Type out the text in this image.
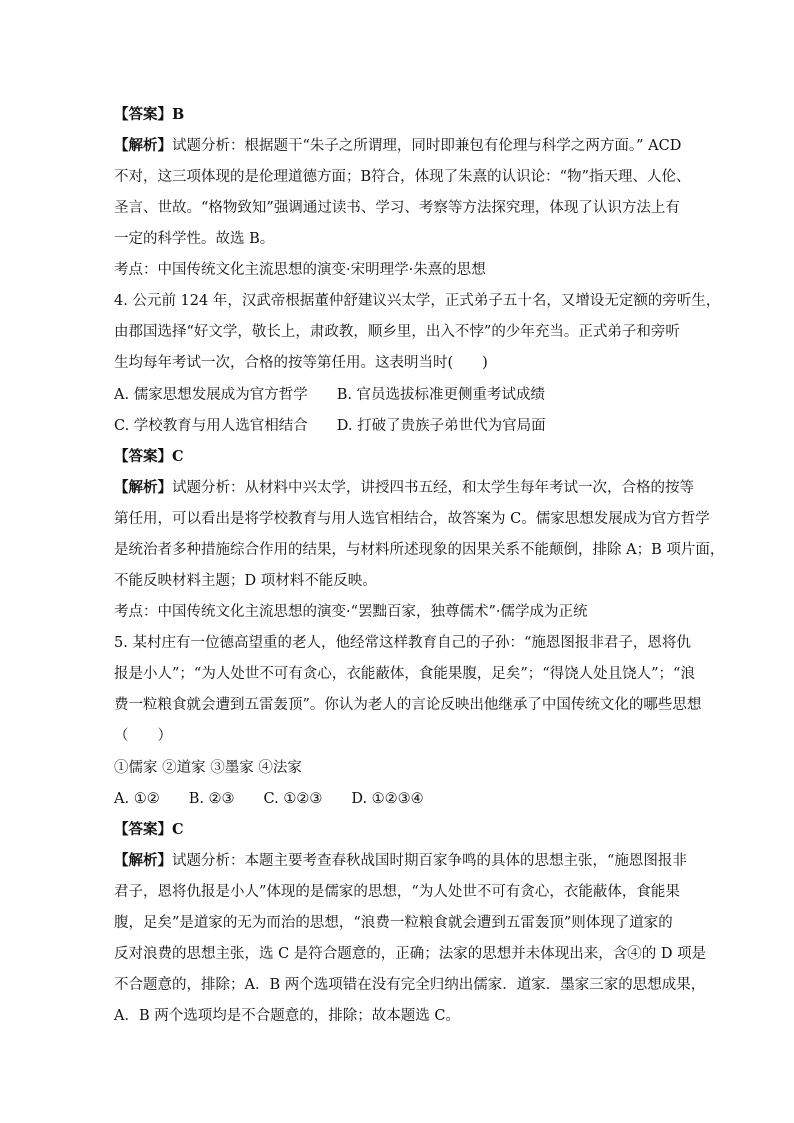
【答案】B
【解析】试题分析：根据题干“朱子之所谓理，同时即兼包有伦理与科学之两方面。” ACD
不对，这三项体现的是伦理道德方面；B符合，体现了朱熹的认识论：“物”指天理、人伦、
圣言、世故。“格物致知”强调通过读书、学习、考察等方法探究理，体现了认识方法上有
一定的科学性。故选 B。
考点：中国传统文化主流思想的演变·宋明理学·朱熹的思想
4. 公元前 124 年，汉武帝根据董仲舒建议兴太学，正式弟子五十名，又增设无定额的旁听生，
由郡国选择“好文学，敬长上，肃政教，顺乡里，出入不悖”的少年充当。正式弟子和旁听
生均每年考试一次，合格的按等第任用。这表明当时(　　)
A. 儒家思想发展成为官方哲学　　B. 官员选拔标准更侧重考试成绩
C. 学校教育与用人选官相结合　　D. 打破了贵族子弟世代为官局面
【答案】C
【解析】试题分析：从材料中兴太学，讲授四书五经，和太学生每年考试一次，合格的按等
第任用，可以看出是将学校教育与用人选官相结合，故答案为 C。儒家思想发展成为官方哲学
是统治者多种措施综合作用的结果，与材料所述现象的因果关系不能颠倒，排除 A；B 项片面，
不能反映材料主题；D 项材料不能反映。
考点：中国传统文化主流思想的演变·“罢黜百家，独尊儒术”·儒学成为正统
5. 某村庄有一位德高望重的老人，他经常这样教育自己的子孙：“施恩图报非君子，恩将仇
报是小人”；“为人处世不可有贪心，衣能蔽体，食能果腹，足矣”；“得饶人处且饶人”；“浪
费一粒粮食就会遭到五雷轰顶”。你认为老人的言论反映出他继承了中国传统文化的哪些思想
（　　）
①儒家 ②道家 ③墨家 ④法家
A. ①②　　B. ②③　　C. ①②③　　D. ①②③④
【答案】C
【解析】试题分析：本题主要考查春秋战国时期百家争鸣的具体的思想主张，“施恩图报非
君子，恩将仇报是小人”体现的是儒家的思想，“为人处世不可有贪心，衣能蔽体，食能果
腹，足矣”是道家的无为而治的思想，“浪费一粒粮食就会遭到五雷轰顶”则体现了道家的
反对浪费的思想主张，选 C 是符合题意的，正确；法家的思想并未体现出来，含④的 D 项是
不合题意的，排除；A．B 两个选项错在没有完全归纳出儒家．道家．墨家三家的思想成果，
A．B 两个选项均是不合题意的，排除；故本题选 C。
